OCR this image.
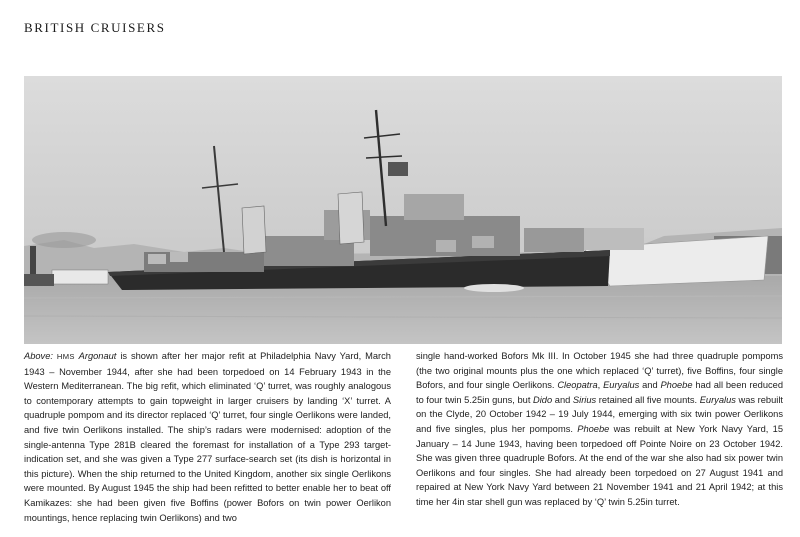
BRITISH CRUISERS

Above: HMS Argonaut is shown after her major refit at Philadelphia Navy Yard, March 1943 – November 1944, after she had been torpedoed on 14 February 1943 in the Western Mediterranean. The big refit, which eliminated ‘Q’ turret, was roughly analogous to contemporary attempts to gain topweight in larger cruisers by landing ‘X’ turret. A quadruple pompom and its director replaced ‘Q’ turret, four single Oerlikons were landed, and five twin Oerlikons installed. The ship’s radars were modernised: adoption of the single-antenna Type 281B cleared the foremast for installation of a Type 293 target-indication set, and she was given a Type 277 surface-search set (its dish is horizontal in this picture). When the ship returned to the United Kingdom, another six single Oerlikons were mounted. By August 1945 the ship had been refitted to better enable her to beat off Kamikazes: she had been given five Boffins (power Bofors on twin power Oerlikon mountings, hence replacing twin Oerlikons) and two

single hand-worked Bofors Mk III. In October 1945 she had three quadruple pompoms (the two original mounts plus the one which replaced ‘Q’ turret), five Boffins, four single Bofors, and four single Oerlikons. Cleopatra, Euryalus and Phoebe had all been reduced to four twin 5.25in guns, but Dido and Sirius retained all five mounts. Euryalus was rebuilt on the Clyde, 20 October 1942 – 19 July 1944, emerging with six twin power Oerlikons and five singles, plus her pompoms. Phoebe was rebuilt at New York Navy Yard, 15 January – 14 June 1943, having been torpedoed off Pointe Noire on 23 October 1942. She was given three quadruple Bofors. At the end of the war she also had six power twin Oerlikons and four singles. She had already been torpedoed on 27 August 1941 and repaired at New York Navy Yard between 21 November 1941 and 21 April 1942; at this time her 4in star shell gun was replaced by ‘Q’ twin 5.25in turret.
